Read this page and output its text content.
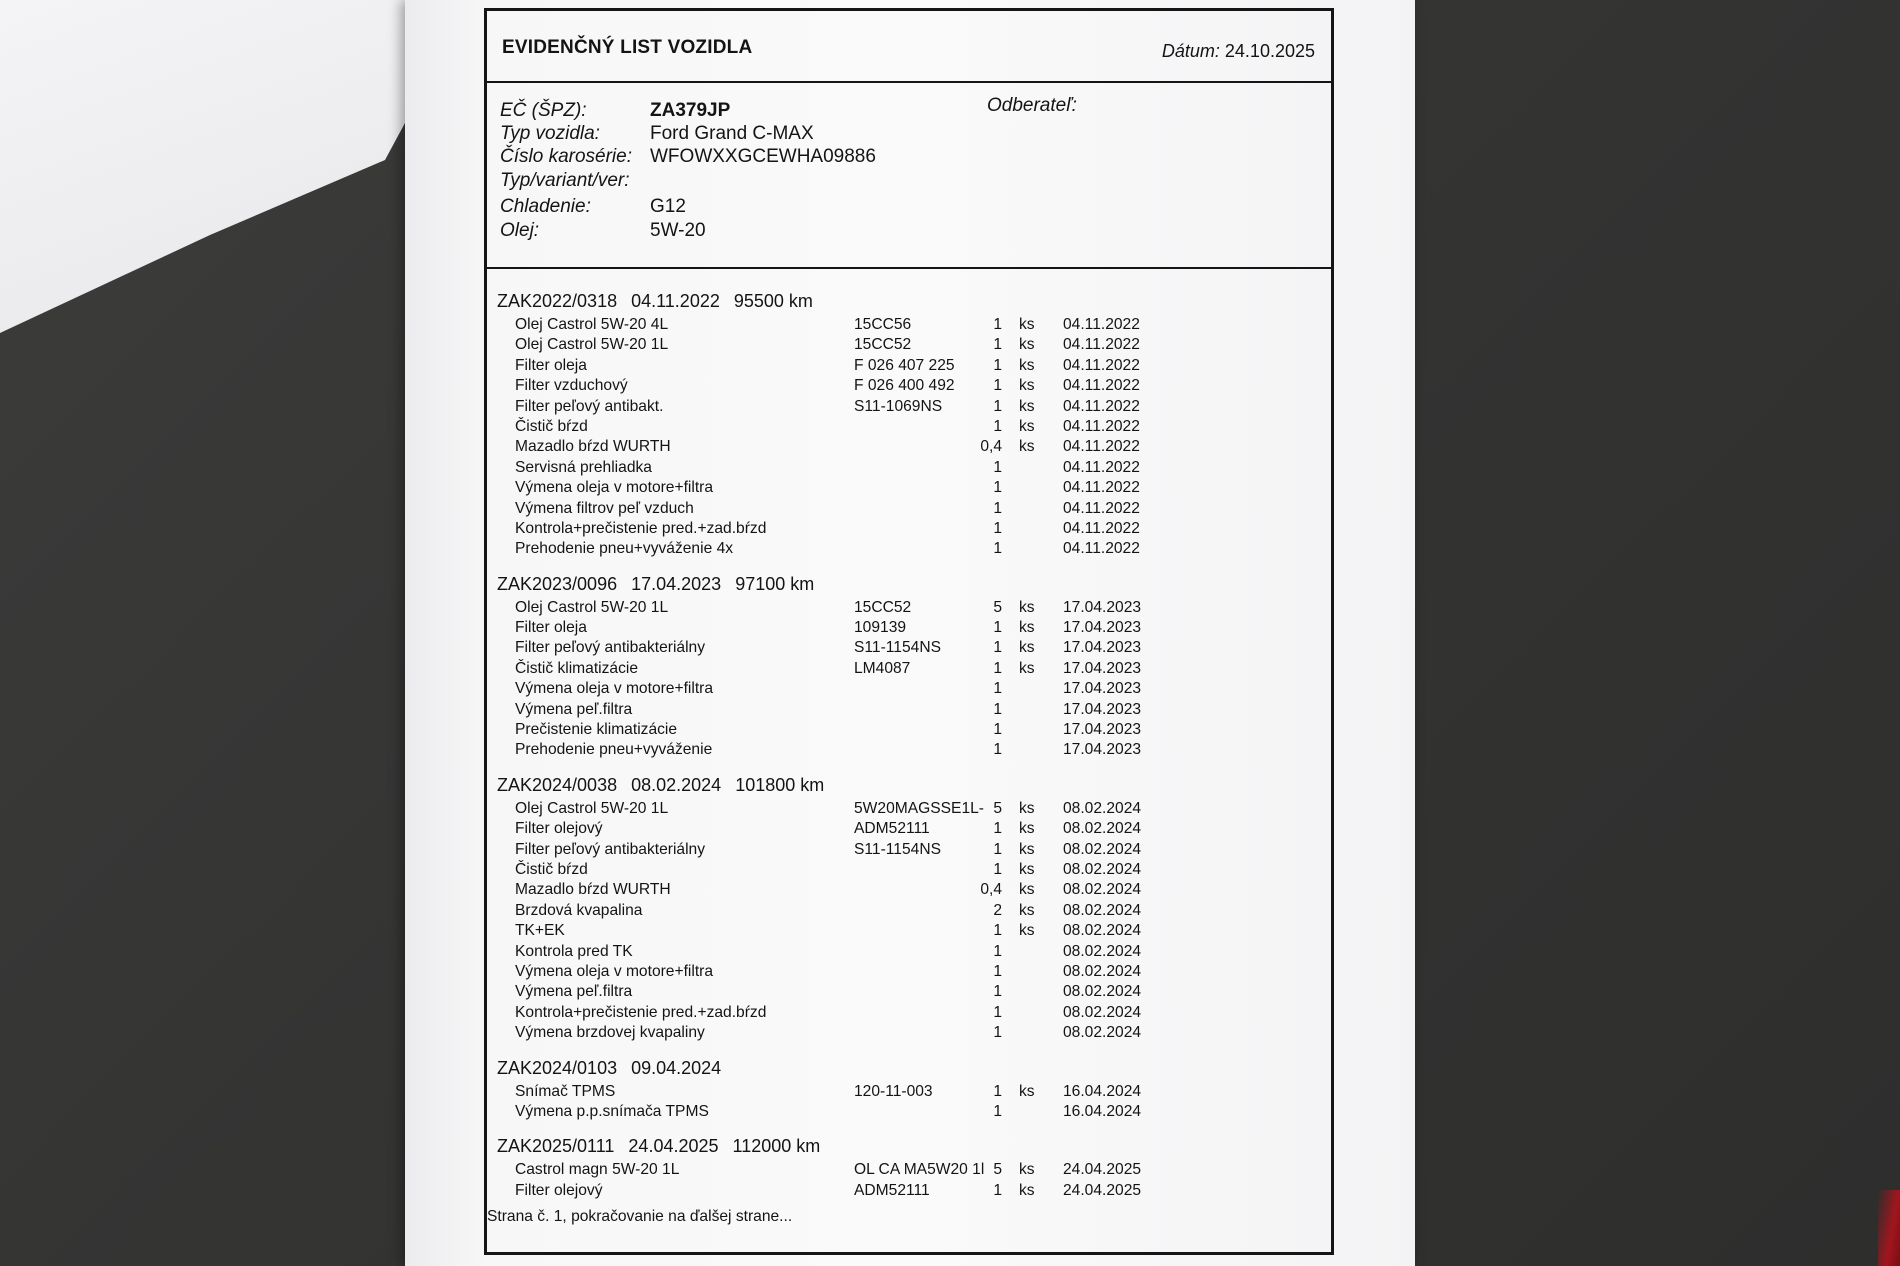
EVIDENČNÝ LIST VOZIDLA	Dátum: 24.10.2025
EČ (ŠPZ):	ZA379JP
Typ vozidla:	Ford Grand C-MAX
Číslo karosérie: WFOWXXGCEWHA09886
Typ/variant/ver:
Chladenie:	G12
Olej:	5W-20
Odberateľ:
ZAK2022/0318 04.11.2022 95500 km
Olej Castrol 5W-20 4L	15CC56	1 ks 04.11.2022
Olej Castrol 5W-20 1L	15CC52	1 ks 04.11.2022
Filter oleja	F 026 407 225	1 ks 04.11.2022
Filter vzduchový	F 026 400 492	1 ks 04.11.2022
Filter peľový antibakt.	S11-1069NS	1 ks 04.11.2022
Čistič bŕzd	1 ks 04.11.2022
Mazadlo bŕzd WURTH	0,4 ks 04.11.2022
Servisná prehliadka	1	04.11.2022
Výmena oleja v motore+filtra	1	04.11.2022
Výmena filtrov peľ vzduch	1	04.11.2022
Kontrola+prečistenie pred.+zad.bŕzd	1	04.11.2022
Prehodenie pneu+vyváženie 4x	1	04.11.2022
ZAK2023/0096 17.04.2023 97100 km
Olej Castrol 5W-20 1L	15CC52	5 ks 17.04.2023
Filter oleja	109139	1 ks 17.04.2023
Filter peľový antibakteriálny	S11-1154NS	1 ks 17.04.2023
Čistič klimatizácie	LM4087	1 ks 17.04.2023
Výmena oleja v motore+filtra	1	17.04.2023
Výmena peľ.filtra	1	17.04.2023
Prečistenie klimatizácie	1	17.04.2023
Prehodenie pneu+vyváženie	1	17.04.2023
ZAK2024/0038 08.02.2024 101800 km
Olej Castrol 5W-20 1L	5W20MAGSSE1L- 5 ks 08.02.2024
Filter olejový	ADM52111	1 ks 08.02.2024
Filter peľový antibakteriálny	S11-1154NS	1 ks 08.02.2024
Čistič bŕzd	1 ks 08.02.2024
Mazadlo bŕzd WURTH	0,4 ks 08.02.2024
Brzdová kvapalina	2 ks 08.02.2024
TK+EK	1 ks 08.02.2024
Kontrola pred TK	1	08.02.2024
Výmena oleja v motore+filtra	1	08.02.2024
Výmena peľ.filtra	1	08.02.2024
Kontrola+prečistenie pred.+zad.bŕzd	1	08.02.2024
Výmena brzdovej kvapaliny	1	08.02.2024
ZAK2024/0103 09.04.2024
Snímač TPMS	120-11-003	1 ks 16.04.2024
Výmena p.p.snímača TPMS	1	16.04.2024
ZAK2025/0111 24.04.2025 112000 km
Castrol magn 5W-20 1L	OL CA MA5W20 1l 5 ks 24.04.2025
Filter olejový	ADM52111	1 ks 24.04.2025
Strana č. 1, pokračovanie na ďalšej strane...
